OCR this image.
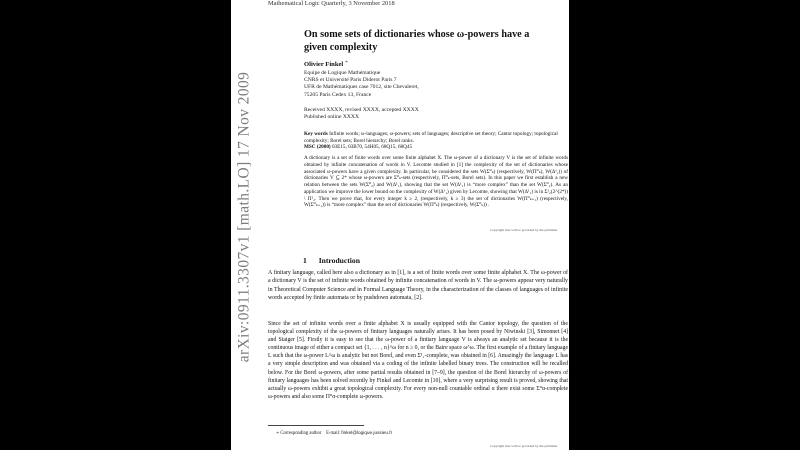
arXiv:0911.3307v1 [math.LO] 17 Nov 2009
Mathematical Logic Quarterly, 3 November 2018
On some sets of dictionaries whose ω-powers have a given complexity
Olivier Finkel ∗
Equipe de Logique Mathématique
CNRS et Université Paris Diderot Paris 7
UFR de Mathématiques case 7012, site Chevaleret,
75205 Paris Cedex 13, France
Received XXXX, revised XXXX, accepted XXXX
Published online XXXX
Key words Infinite words; ω-languages; ω-powers; sets of languages; descriptive set theory; Cantor topology; topological complexity; Borel sets; Borel hierarchy; Borel ranks.
MSC (2000) 03E15, 03B70, 54H05, 68Q15, 68Q45
A dictionary is a set of finite words over some finite alphabet X. The ω-power of a dictionary V is the set of infinite words obtained by infinite concatenation of words in V. Lecomte studied in [1] the complexity of the set of dictionaries whose associated ω-powers have a given complexity. In particular, he considered the sets W(Σ⁰ₖ) (respectively, W(Π⁰ₖ), W(Δ¹₁)) of dictionaries V ⊆ 2* whose ω-powers are Σ⁰ₖ-sets (respectively, Π⁰ₖ-sets, Borel sets). In this paper we first establish a new relation between the sets W(Σ⁰₂) and W(Δ¹₁), showing that the set W(Δ¹₁) is “more complex” than the set W(Σ⁰₂). As an application we improve the lower bound on the complexity of W(Δ¹₁) given by Lecomte, showing that W(Δ¹₁) is in Σ¹₂(2^(2*)) \ Π¹₂. Then we prove that, for every integer k ≥ 2, (respectively, k ≥ 3) the set of dictionaries W(Π⁰ₖ₊₁) (respectively, W(Σ⁰ₖ₊₁)) is “more complex” than the set of dictionaries W(Π⁰ₖ) (respectively, W(Σ⁰ₖ)) .
Copyright line will be provided by the publisher
1 Introduction
A finitary language, called here also a dictionary as in [1], is a set of finite words over some finite alphabet X. The ω-power of a dictionary V is the set of infinite words obtained by infinite concatenation of words in V. The ω-powers appear very naturally in Theoretical Computer Science and in Formal Language Theory, in the characterization of the classes of languages of infinite words accepted by finite automata or by pushdown automata, [2].
Since the set of infinite words over a finite alphabet X is usually equipped with the Cantor topology, the question of the topological complexity of the ω-powers of finitary languages naturally arises. It has been posed by Niwinski [3], Simonnet [4] and Staiger [5]. Firstly it is easy to see that the ω-power of a finitary language V is always an analytic set because it is the continuous image of either a compact set {1, . . . , n}^ω for n ≥ 0, or the Baire space ω^ω. The first example of a finitary language L such that the ω-power L^ω is analytic but not Borel, and even Σ¹₁-complete, was obtained in [6]. Amazingly the language L has a very simple description and was obtained via a coding of the infinite labelled binary trees. The construction will be recalled below. For the Borel ω-powers, after some partial results obtained in [7–9], the question of the Borel hierarchy of ω-powers of finitary languages has been solved recently by Finkel and Lecomte in [10], where a very surprising result is proved, showing that actually ω-powers exhibit a great topological complexity. For every non-null countable ordinal α there exist some Σ⁰α-complete ω-powers and also some Π⁰α-complete ω-powers.
∗ Corresponding author E-mail: finkel@logique.jussieu.fr
Copyright line will be provided by the publisher
